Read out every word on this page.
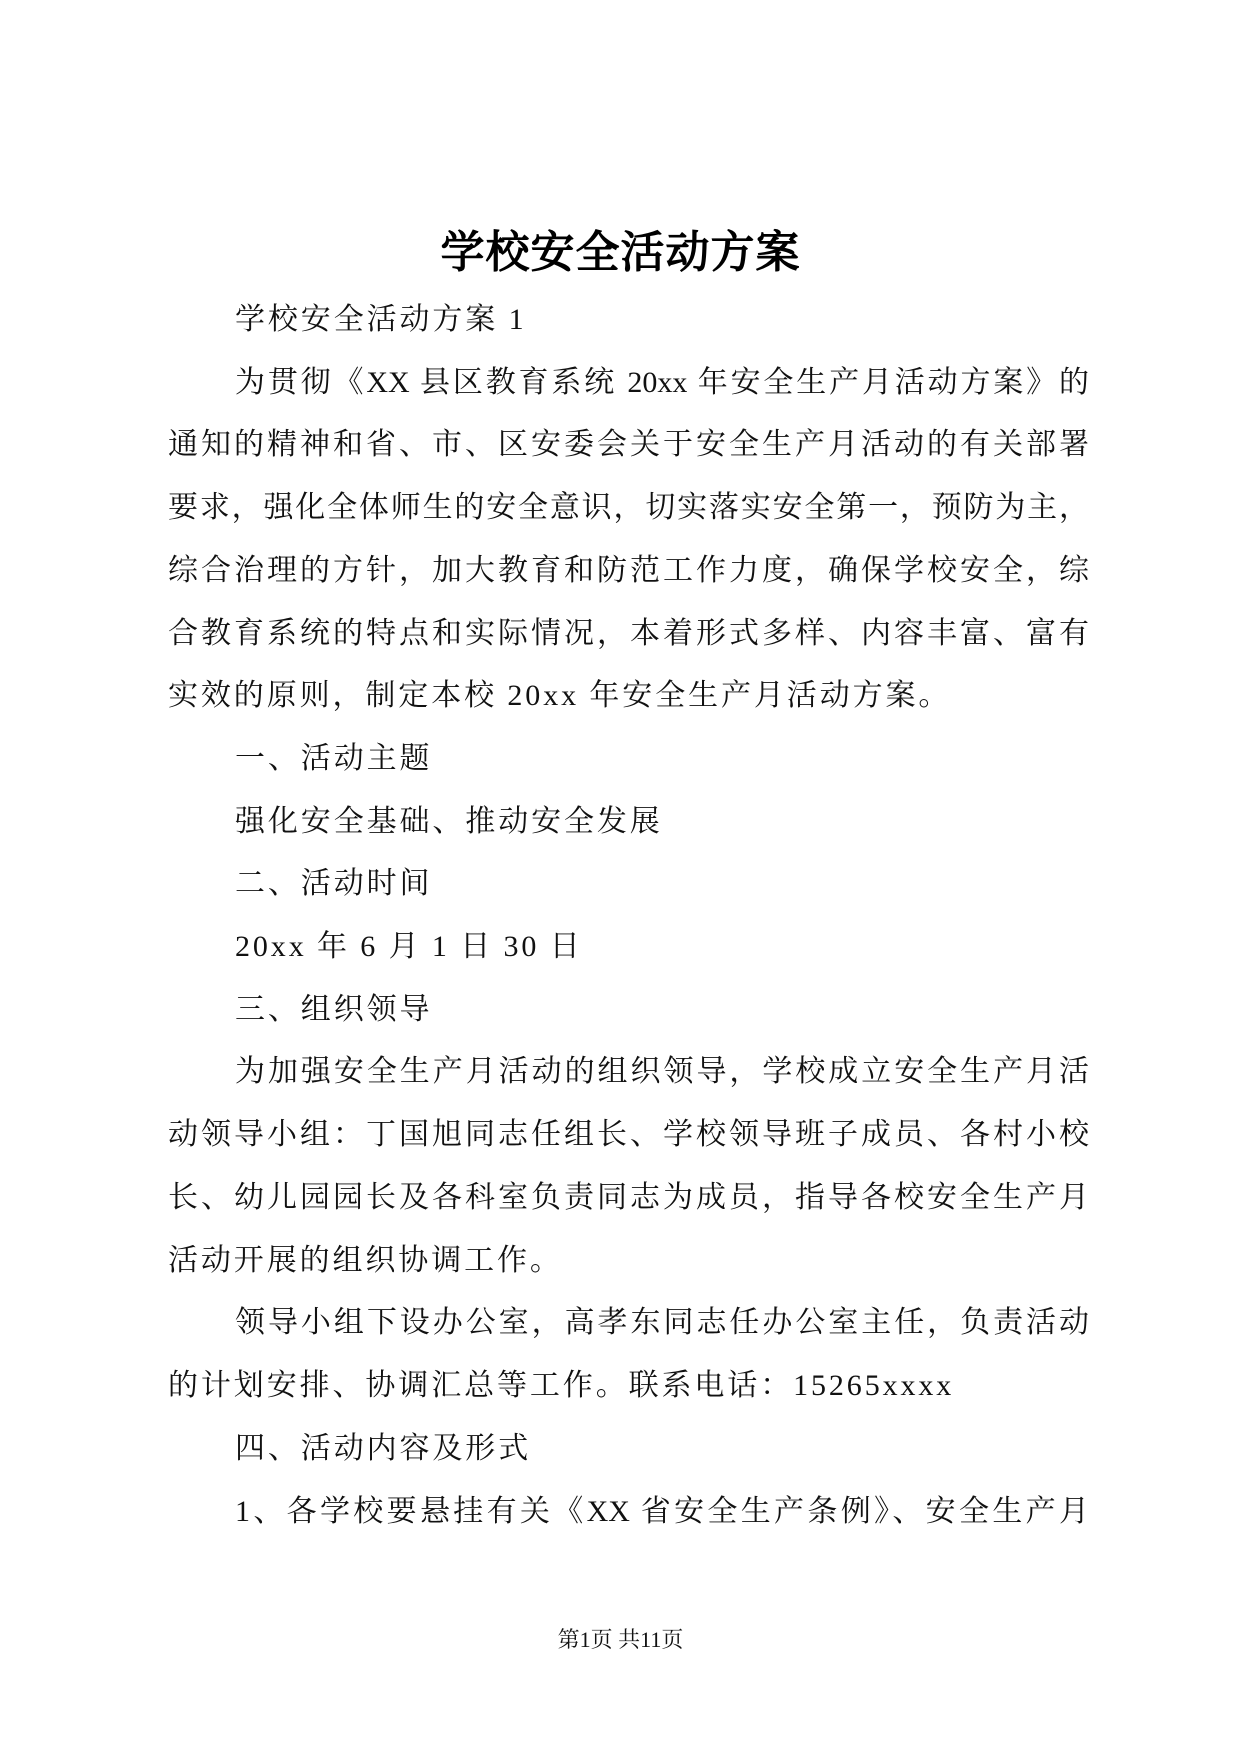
学校安全活动方案
学校安全活动方案 1
为贯彻《XX 县区教育系统 20xx 年安全生产月活动方案》的
通知的精神和省、市、区安委会关于安全生产月活动的有关部署
要求，强化全体师生的安全意识，切实落实安全第一，预防为主，
综合治理的方针，加大教育和防范工作力度，确保学校安全，综
合教育系统的特点和实际情况，本着形式多样、内容丰富、富有
实效的原则，制定本校 20xx 年安全生产月活动方案。
一、活动主题
强化安全基础、推动安全发展
二、活动时间
20xx 年 6 月 1 日 30 日
三、组织领导
为加强安全生产月活动的组织领导，学校成立安全生产月活
动领导小组：丁国旭同志任组长、学校领导班子成员、各村小校
长、幼儿园园长及各科室负责同志为成员，指导各校安全生产月
活动开展的组织协调工作。
领导小组下设办公室，高孝东同志任办公室主任，负责活动
的计划安排、协调汇总等工作。联系电话：15265xxxx
四、活动内容及形式
1、各学校要悬挂有关《XX 省安全生产条例》、安全生产月
第1页 共11页
